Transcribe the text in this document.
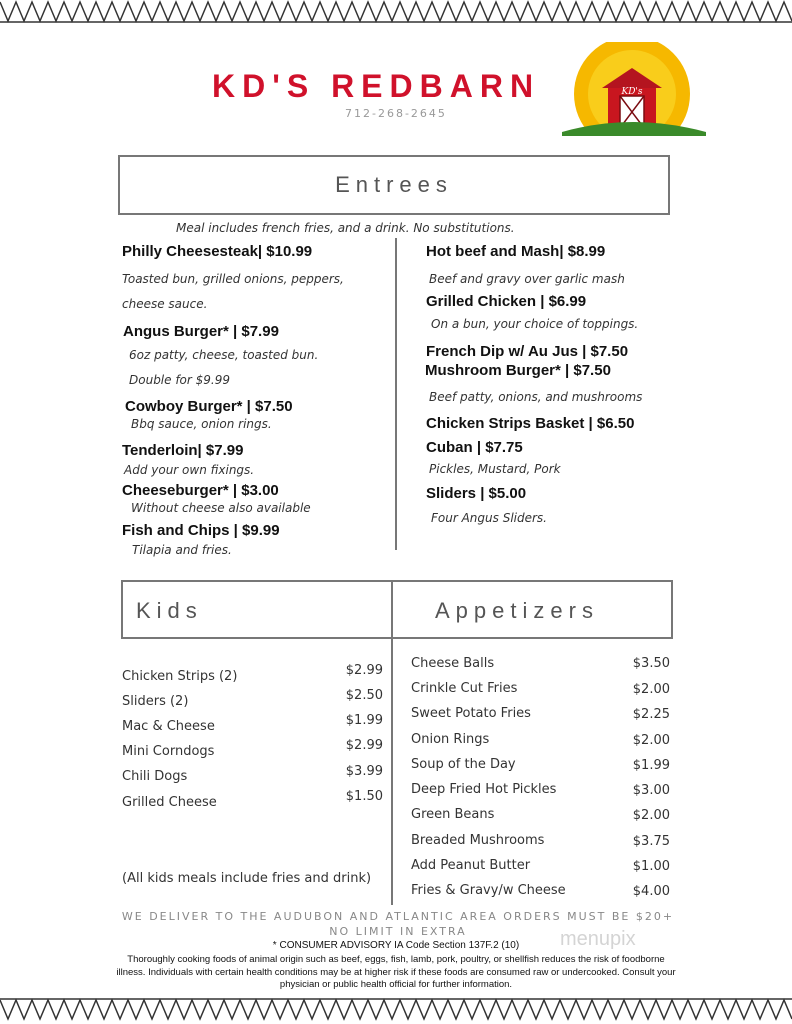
KD'S REDBARN
712-268-2645
KD's
Entrees
Meal includes french fries, and a drink. No substitutions.
Philly Cheesesteak| $10.99
Toasted bun, grilled onions, peppers,
cheese sauce.
Angus Burger* | $7.99
6oz patty, cheese, toasted bun.
Double for $9.99
Cowboy Burger* | $7.50
Bbq sauce, onion rings.
Tenderloin| $7.99
Add your own fixings.
Cheeseburger* | $3.00
Without cheese also available
Fish and Chips | $9.99
Tilapia and fries.
Hot beef and Mash| $8.99
Beef and gravy over garlic mash
Grilled Chicken | $6.99
On a bun, your choice of toppings.
French Dip w/ Au Jus | $7.50
Mushroom Burger* | $7.50
Beef patty, onions, and mushrooms
Chicken Strips Basket | $6.50
Cuban | $7.75
Pickles, Mustard, Pork
Sliders | $5.00
Four Angus Sliders.
Kids	Appetizers
Chicken Strips (2)	$2.99
Sliders (2)	$2.50
Mac & Cheese	$1.99
Mini Corndogs	$2.99
Chili Dogs	$3.99
Grilled Cheese	$1.50
(All kids meals include fries and drink)
Cheese Balls	$3.50
Crinkle Cut Fries	$2.00
Sweet Potato Fries	$2.25
Onion Rings	$2.00
Soup of the Day	$1.99
Deep Fried Hot Pickles	$3.00
Green Beans	$2.00
Breaded Mushrooms	$3.75
Add Peanut Butter	$1.00
Fries & Gravy/w Cheese	$4.00
WE DELIVER TO THE AUDUBON AND ATLANTIC AREA ORDERS MUST BE $20+
NO LIMIT IN EXTRA	menupix
* CONSUMER ADVISORY IA Code Section 137F.2 (10)
Thoroughly cooking foods of animal origin such as beef, eggs, fish, lamb, pork, poultry, or shellfish reduces the risk of foodborne illness. Individuals with certain health conditions may be at higher risk if these foods are consumed raw or undercooked. Consult your physician or public health official for further information.
